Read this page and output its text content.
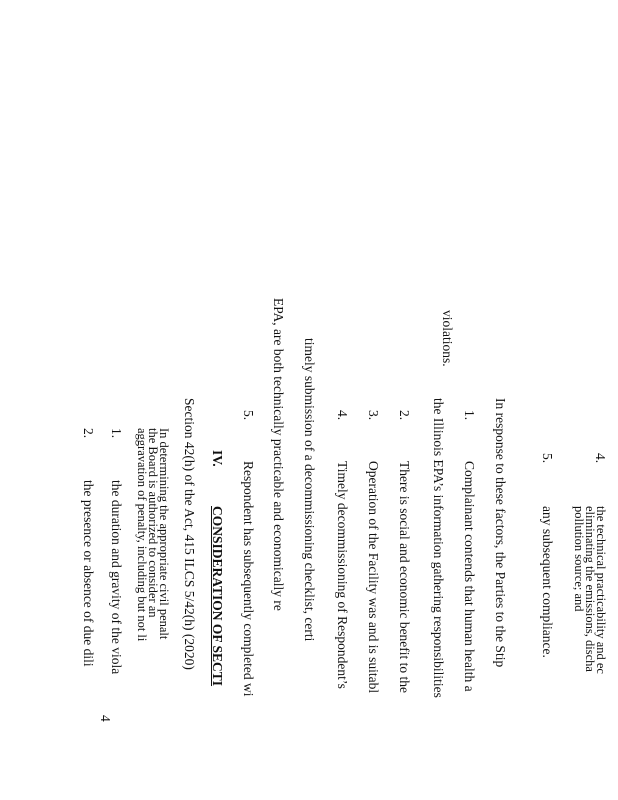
4.
the technical practicability and ec
eliminating the emissions, discha
pollution source; and
5.
any subsequent compliance.
In response to these factors, the Parties to the Stip
1.
Complainant contends that human health a
the Illinois EPA’s information gathering responsibilities
violations.
2.
There is social and economic benefit to the
3.
Operation of the Facility was and is suitabl
4.
Timely decommissioning of Respondent’s
timely submission of a decommissioning checklist, certi
EPA, are both technically practicable and economically re
5.
Respondent has subsequently completed wi
IV.
CONSIDERATION OF SECTI
Section 42(h) of the Act, 415 ILCS 5/42(h) (2020)
In determining the appropriate civil penalt
the Board is authorized to consider an
aggravation of penalty, including but not li
1.
the duration and gravity of the viola
2.
the presence or absence of due dili
4
